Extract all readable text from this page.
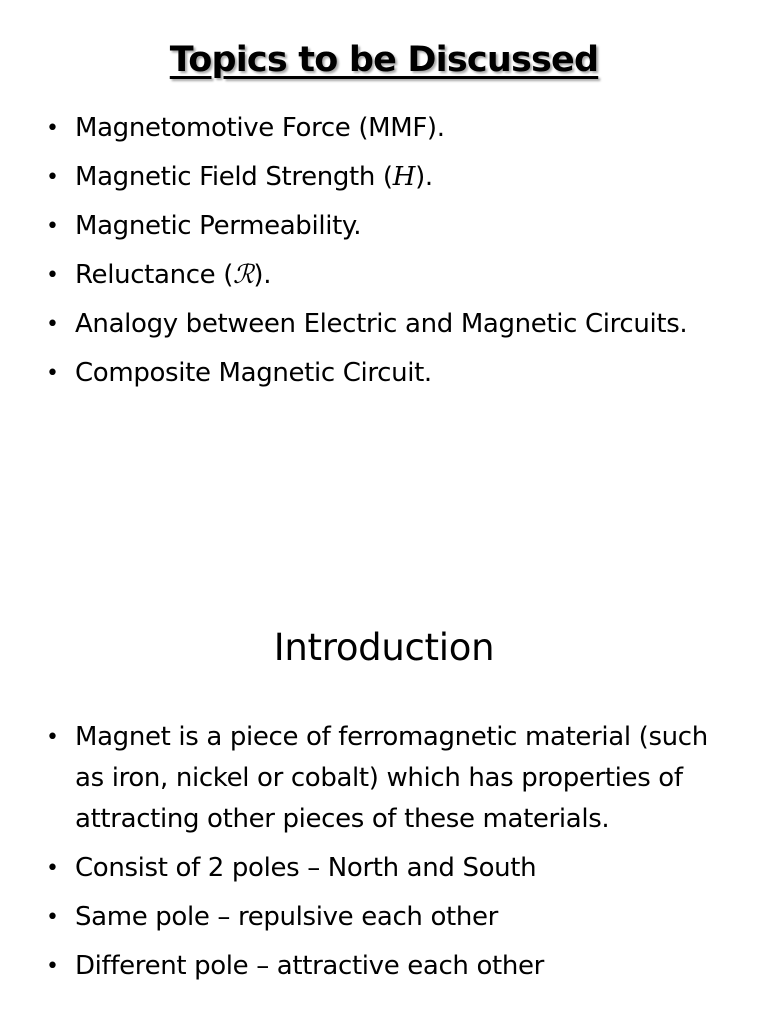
Topics to be Discussed
• Magnetomotive Force (MMF).
• Magnetic Field Strength (H).
• Magnetic Permeability.
• Reluctance (ℛ).
• Analogy between Electric and Magnetic Circuits.
• Composite Magnetic Circuit.
Introduction
• Magnet is a piece of ferromagnetic material (such as iron, nickel or cobalt) which has properties of attracting other pieces of these materials.
• Consist of 2 poles – North and South
• Same pole – repulsive each other
• Different pole – attractive each other
